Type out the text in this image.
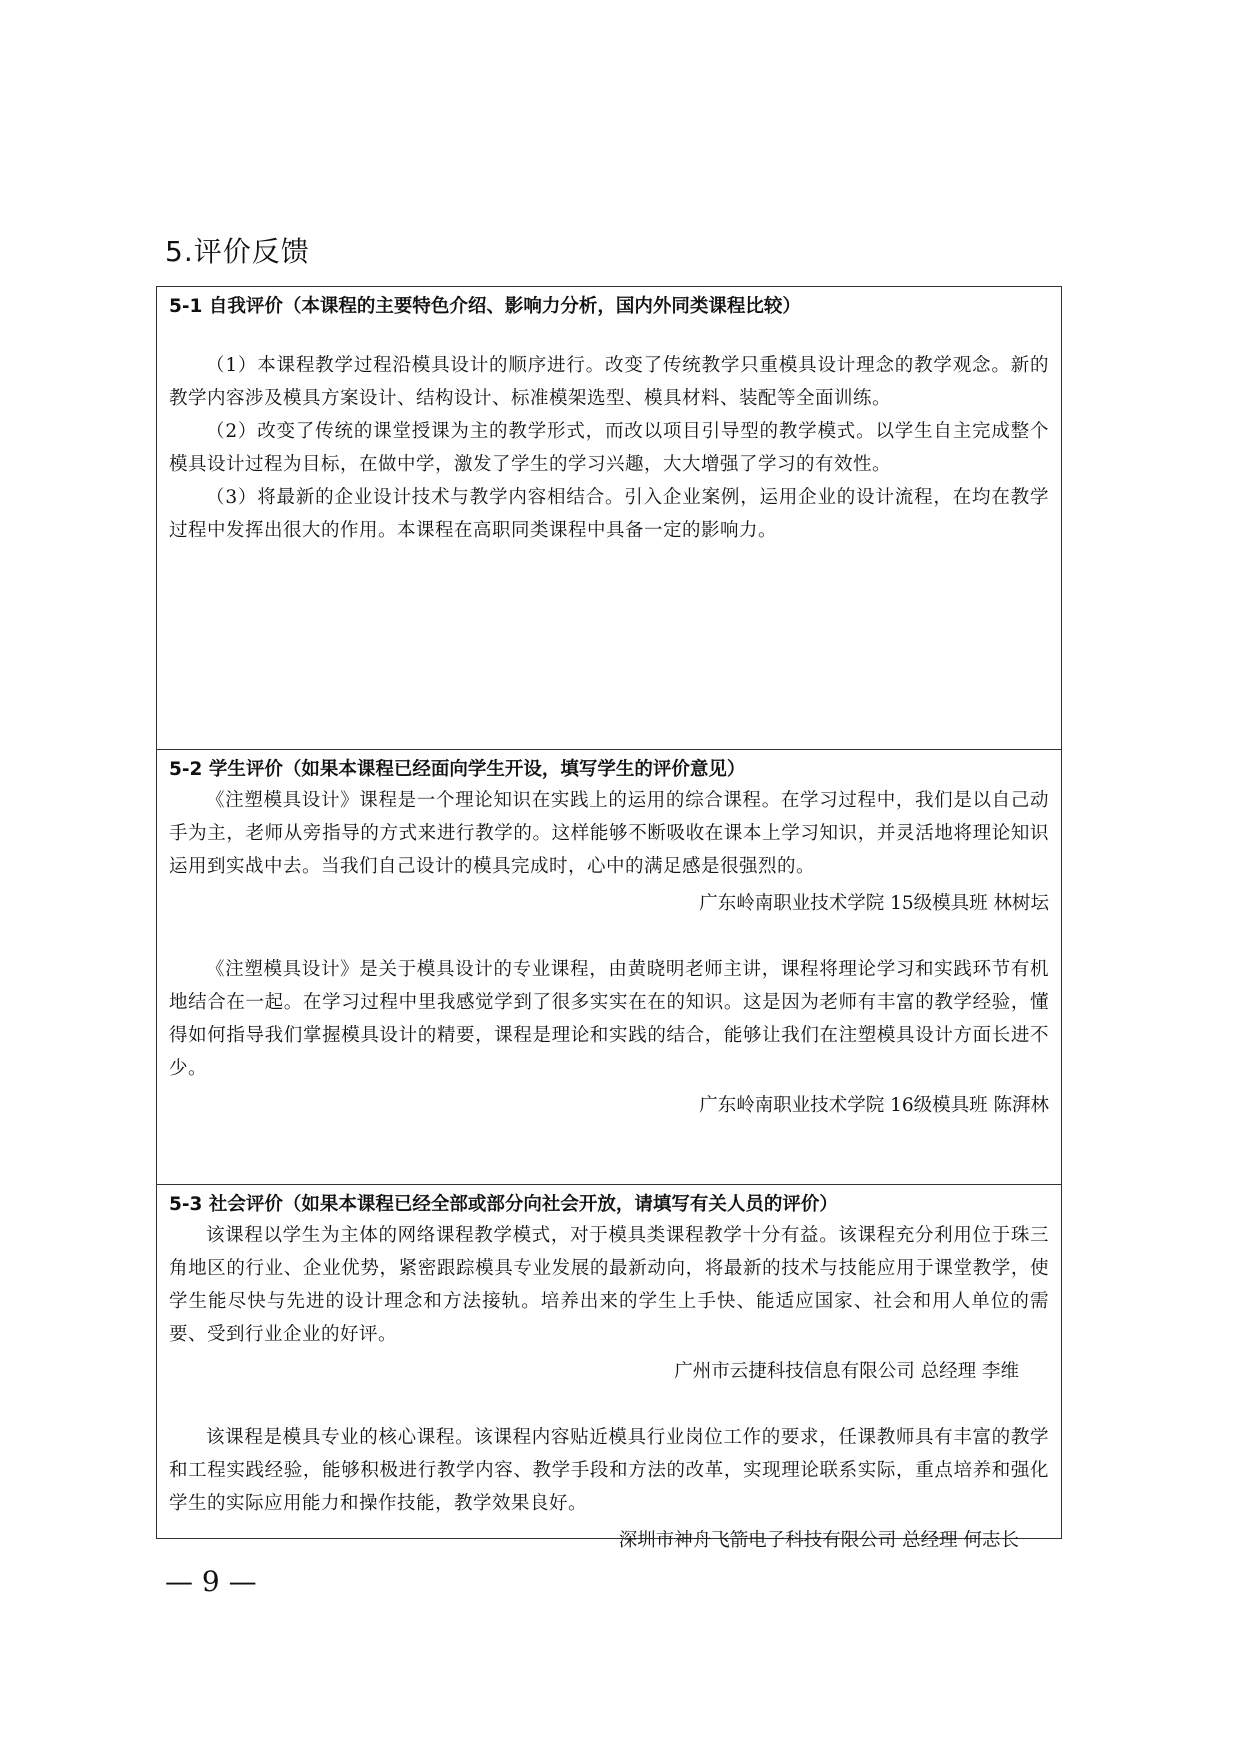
5.评价反馈
5-1 自我评价（本课程的主要特色介绍、影响力分析，国内外同类课程比较）

（1）本课程教学过程沿模具设计的顺序进行。改变了传统教学只重模具设计理念的教学观念。新的教学内容涉及模具方案设计、结构设计、标准模架选型、模具材料、装配等全面训练。

（2）改变了传统的课堂授课为主的教学形式，而改以项目引导型的教学模式。以学生自主完成整个模具设计过程为目标，在做中学，激发了学生的学习兴趣，大大增强了学习的有效性。

（3）将最新的企业设计技术与教学内容相结合。引入企业案例，运用企业的设计流程，在均在教学过程中发挥出很大的作用。本课程在高职同类课程中具备一定的影响力。

5-2 学生评价（如果本课程已经面向学生开设，填写学生的评价意见）

《注塑模具设计》课程是一个理论知识在实践上的运用的综合课程。在学习过程中，我们是以自己动手为主，老师从旁指导的方式来进行教学的。这样能够不断吸收在课本上学习知识，并灵活地将理论知识运用到实战中去。当我们自己设计的模具完成时，心中的满足感是很强烈的。

广东岭南职业技术学院 15级模具班 林树坛

《注塑模具设计》是关于模具设计的专业课程，由黄晓明老师主讲，课程将理论学习和实践环节有机地结合在一起。在学习过程中里我感觉学到了很多实实在在的知识。这是因为老师有丰富的教学经验，懂得如何指导我们掌握模具设计的精要，课程是理论和实践的结合，能够让我们在注塑模具设计方面长进不少。

广东岭南职业技术学院 16级模具班 陈湃林

5-3 社会评价（如果本课程已经全部或部分向社会开放，请填写有关人员的评价）

该课程以学生为主体的网络课程教学模式，对于模具类课程教学十分有益。该课程充分利用位于珠三角地区的行业、企业优势，紧密跟踪模具专业发展的最新动向，将最新的技术与技能应用于课堂教学，使学生能尽快与先进的设计理念和方法接轨。培养出来的学生上手快、能适应国家、社会和用人单位的需要、受到行业企业的好评。

广州市云捷科技信息有限公司 总经理 李维

该课程是模具专业的核心课程。该课程内容贴近模具行业岗位工作的要求，任课教师具有丰富的教学和工程实践经验，能够积极进行教学内容、教学手段和方法的改革，实现理论联系实际，重点培养和强化学生的实际应用能力和操作技能，教学效果良好。

深圳市神舟飞箭电子科技有限公司 总经理 何志长

— 9 —
